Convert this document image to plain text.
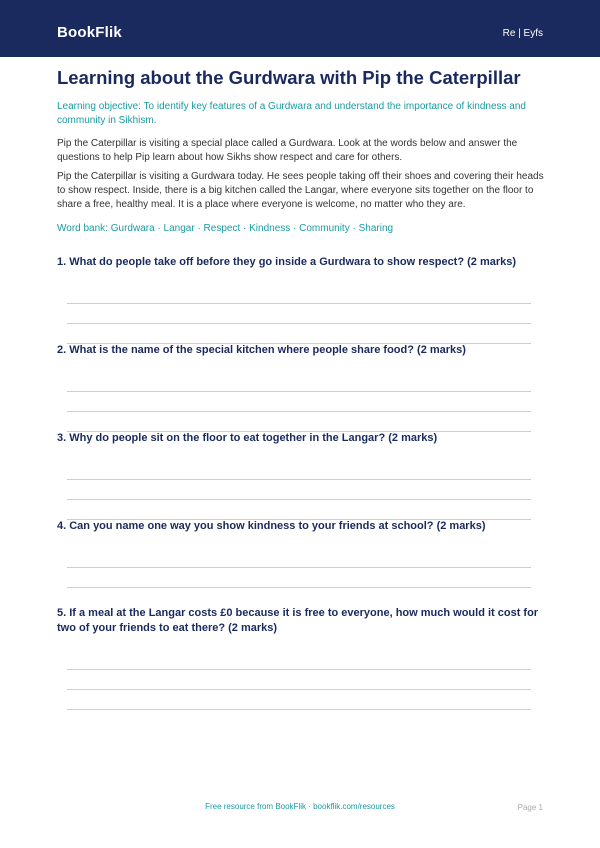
BookFlik	Re | Eyfs
Learning about the Gurdwara with Pip the Caterpillar
Learning objective: To identify key features of a Gurdwara and understand the importance of kindness and community in Sikhism.

Pip the Caterpillar is visiting a special place called a Gurdwara. Look at the words below and answer the questions to help Pip learn about how Sikhs show respect and care for others.

Pip the Caterpillar is visiting a Gurdwara today. He sees people taking off their shoes and covering their heads to show respect. Inside, there is a big kitchen called the Langar, where everyone sits together on the floor to share a free, healthy meal. It is a place where everyone is welcome, no matter who they are.

Word bank: Gurdwara · Langar · Respect · Kindness · Community · Sharing
1. What do people take off before they go inside a Gurdwara to show respect? (2 marks)
2. What is the name of the special kitchen where people share food? (2 marks)
3. Why do people sit on the floor to eat together in the Langar? (2 marks)
4. Can you name one way you show kindness to your friends at school? (2 marks)
5. If a meal at the Langar costs £0 because it is free to everyone, how much would it cost for two of your friends to eat there? (2 marks)
Free resource from BookFlik · bookflik.com/resources	Page 1
